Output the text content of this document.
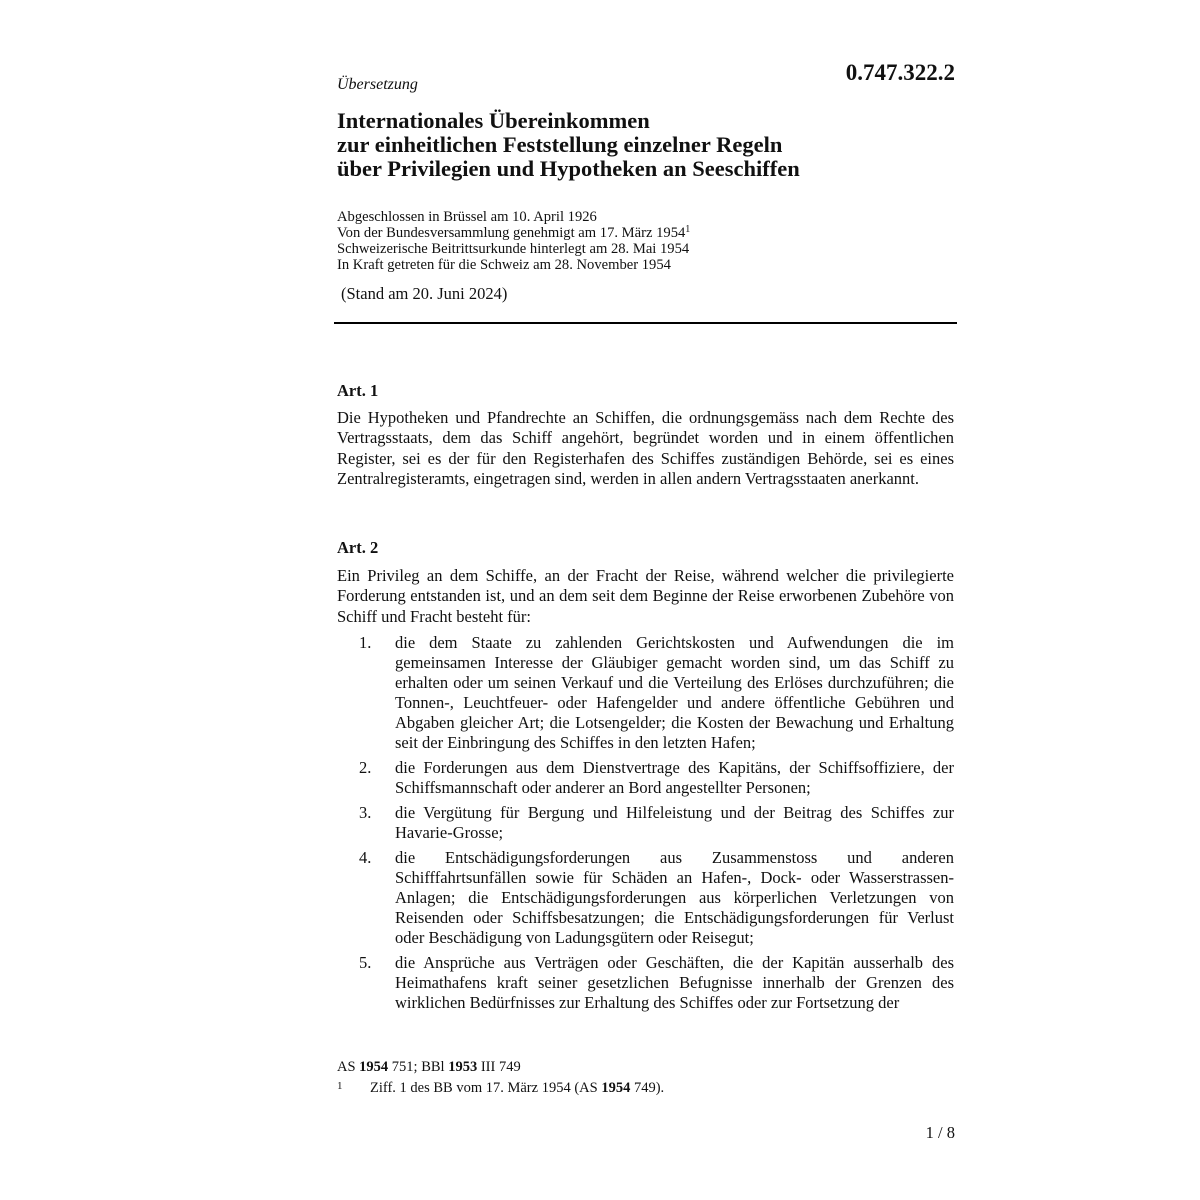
Übersetzung	0.747.322.2
Internationales Übereinkommen
zur einheitlichen Feststellung einzelner Regeln
über Privilegien und Hypotheken an Seeschiffen
Abgeschlossen in Brüssel am 10. April 1926
Von der Bundesversammlung genehmigt am 17. März 1954$^1$
Schweizerische Beitrittsurkunde hinterlegt am 28. Mai 1954
In Kraft getreten für die Schweiz am 28. November 1954
(Stand am 20. Juni 2024)
Art. 1
Die Hypotheken und Pfandrechte an Schiffen, die ordnungsgemäss nach dem Rechte des Vertragsstaats, dem das Schiff angehört, begründet worden und in einem öffentlichen Register, sei es der für den Registerhafen des Schiffes zuständigen Behörde, sei es eines Zentralregisteramts, eingetragen sind, werden in allen andern Vertragsstaaten anerkannt.
Art. 2
Ein Privileg an dem Schiffe, an der Fracht der Reise, während welcher die privilegierte Forderung entstanden ist, und an dem seit dem Beginne der Reise erworbenen Zubehöre von Schiff und Fracht besteht für:
1.	die dem Staate zu zahlenden Gerichtskosten und Aufwendungen die im gemeinsamen Interesse der Gläubiger gemacht worden sind, um das Schiff zu erhalten oder um seinen Verkauf und die Verteilung des Erlöses durchzuführen; die Tonnen-, Leuchtfeuer- oder Hafengelder und andere öffentliche Gebühren und Abgaben gleicher Art; die Lotsengelder; die Kosten der Bewachung und Erhaltung seit der Einbringung des Schiffes in den letzten Hafen;
2.	die Forderungen aus dem Dienstvertrage des Kapitäns, der Schiffsoffiziere, der Schiffsmannschaft oder anderer an Bord angestellter Personen;
3.	die Vergütung für Bergung und Hilfeleistung und der Beitrag des Schiffes zur Havarie-Grosse;
4.	die Entschädigungsforderungen aus Zusammenstoss und anderen Schifffahrtsunfällen sowie für Schäden an Hafen-, Dock- oder Wasserstrassen-Anlagen; die Entschädigungsforderungen aus körperlichen Verletzungen von Reisenden oder Schiffsbesatzungen; die Entschädigungsforderungen für Verlust oder Beschädigung von Ladungsgütern oder Reisegut;
5.	die Ansprüche aus Verträgen oder Geschäften, die der Kapitän ausserhalb des Heimathafens kraft seiner gesetzlichen Befugnisse innerhalb der Grenzen des wirklichen Bedürfnisses zur Erhaltung des Schiffes oder zur Fortsetzung der
AS 1954 751; BBl 1953 III 749
1 Ziff. 1 des BB vom 17. März 1954 (AS 1954 749).
1 / 8
